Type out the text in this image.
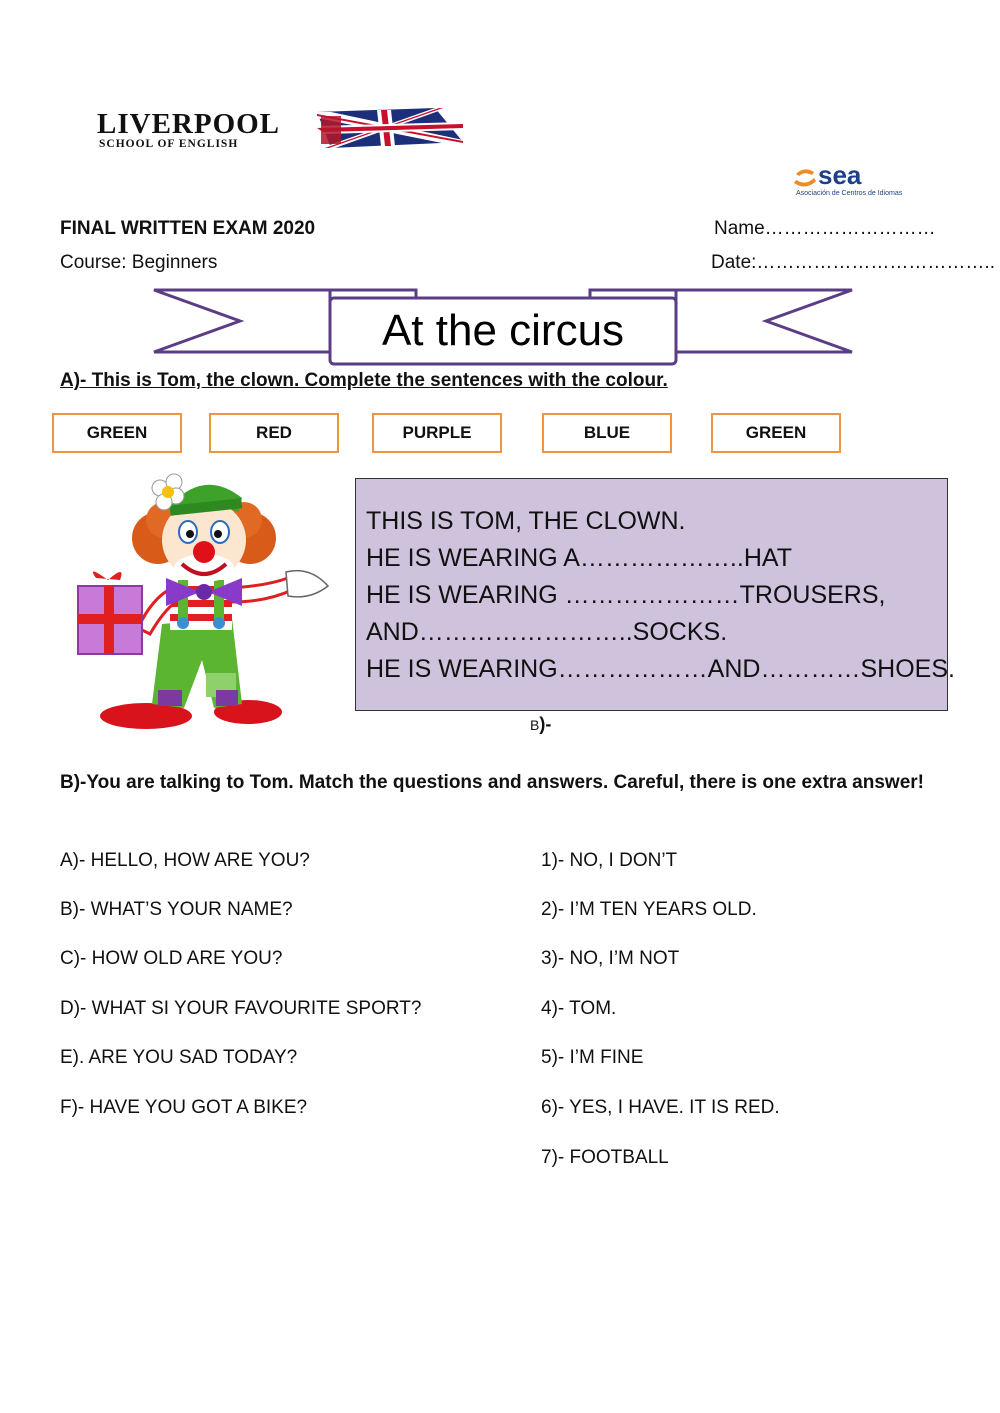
LIVERPOOL
SCHOOL OF ENGLISH
sea
Asociación de Centros de Idiomas
FINAL WRITTEN EXAM 2020
Course: Beginners
Name………………………
Date:………………………………..
At the circus
A)- This is Tom, the clown. Complete the sentences with the colour.
GREEN	RED	PURPLE	BLUE	GREEN
THIS IS TOM, THE CLOWN.
HE IS WEARING A………………..HAT
HE IS WEARING …………………TROUSERS,
AND……………………..SOCKS.
HE IS WEARING………………AND…………SHOES.
B)-
B)-You are talking to Tom. Match the questions and answers. Careful, there is one extra answer!
A)- HELLO, HOW ARE YOU?
B)- WHAT’S YOUR NAME?
C)- HOW OLD ARE YOU?
D)- WHAT SI YOUR FAVOURITE SPORT?
E). ARE YOU SAD TODAY?
F)- HAVE YOU GOT A BIKE?
1)- NO, I DON’T
2)- I’M TEN YEARS OLD.
3)- NO, I’M NOT
4)- TOM.
5)- I’M FINE
6)- YES, I HAVE. IT IS RED.
7)- FOOTBALL
